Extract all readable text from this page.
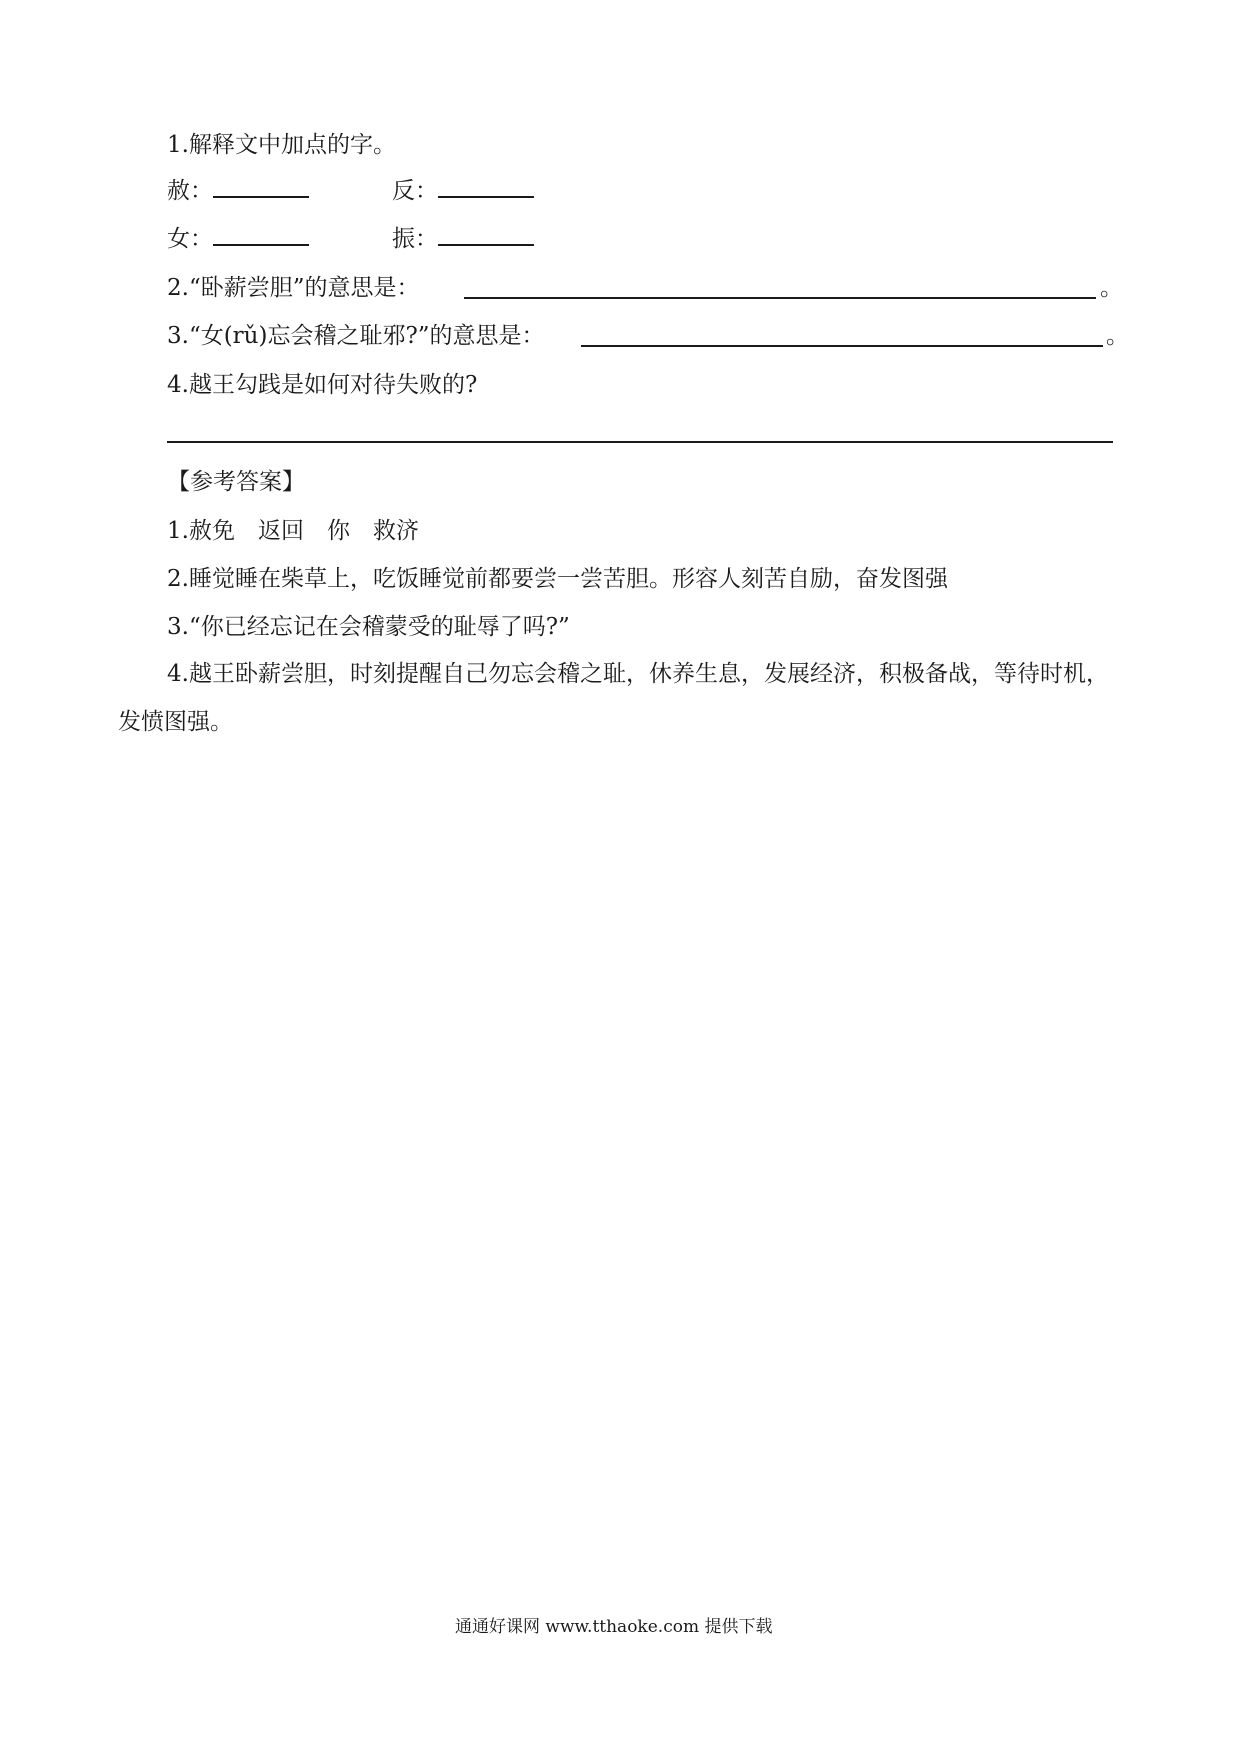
1.解释文中加点的字。
赦：	反：
女：	振：
2.“卧薪尝胆”的意思是：	。
3.“女(rǔ)忘会稽之耻邪?”的意思是：	。
4.越王勾践是如何对待失败的?
【参考答案】
1.赦免　返回　你　救济
2.睡觉睡在柴草上，吃饭睡觉前都要尝一尝苦胆。形容人刻苦自励，奋发图强
3.“你已经忘记在会稽蒙受的耻辱了吗?”
4.越王卧薪尝胆，时刻提醒自己勿忘会稽之耻，休养生息，发展经济，积极备战，等待时机，发愤图强。
通通好课网 www.tthaoke.com 提供下载
